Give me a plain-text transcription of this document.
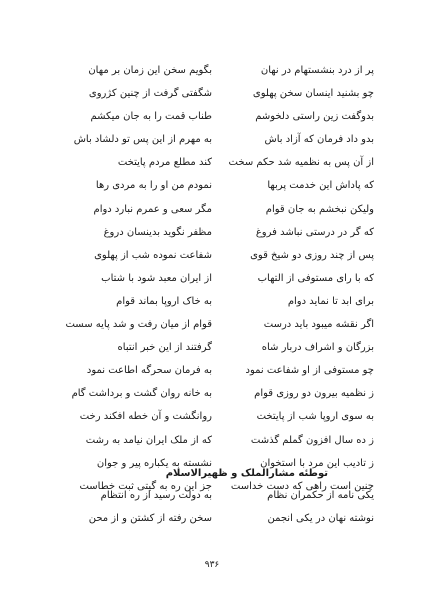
پر از درد بنشستهام در نهان
بگویم سخن این زمان بر مهان
چو بشنید اینسان سخن پهلوی
شگفتی گرفت از چنین کژروی
بدوگفت زین راستی دلخوشم
طناب قمت را به جان میکشم
بدو داد فرمان که آزاد باش
به مهرم از این پس تو دلشاد باش
از آن پس به نظمیه شد حکم سخت
کند مطلع مردم پایتخت
که پاداش این خدمت پربها
نمودم من او را به مردی رها
ولیکن نبخشم به جان قوام
مگر سعی و عمرم نبارد دوام
که گر در درستی نباشد فروغ
مظفر نگوید بدینسان دروغ
پس از چند روزی دو شیخ قوی
شفاعت نموده شب از پهلوی
که با رای مستوفی از التهاب
از ایران معبد شود با شتاب
برای ابد تا نماید دوام
به خاک اروپا بماند قوام
اگر نقشه میبود باید درست
قوام از میان رفت و شد پایه سست
بزرگان و اشراف دربار شاه
گرفتند از این خبر انتباه
چو مستوفی از او شفاعت نمود
به فرمان سحرگه اطاعت نمود
ز نظمیه بیرون دو روزی قوام
به خانه روان گشت و برداشت گام
به سوی اروپا شب از پایتخت
روانگشت و آن خطه افکند رخت
ز ده سال افزون گملم گذشت
که از ملک ایران نیامد به رشت
ز تادیب این مرد با استخوان
نشسته به یکباره پیر و جوان
چنین است راهی که دست خداست
جز این ره به گیتی ثبت خطاست
توطئه مشارالملک و ظهیرالاسلام
یکی نامه از حکمران نظام
به دولت رسید از ره انتظام
نوشته نهان در یکی انجمن
سخن رفته از کشتن و از محن
۹۳۶
